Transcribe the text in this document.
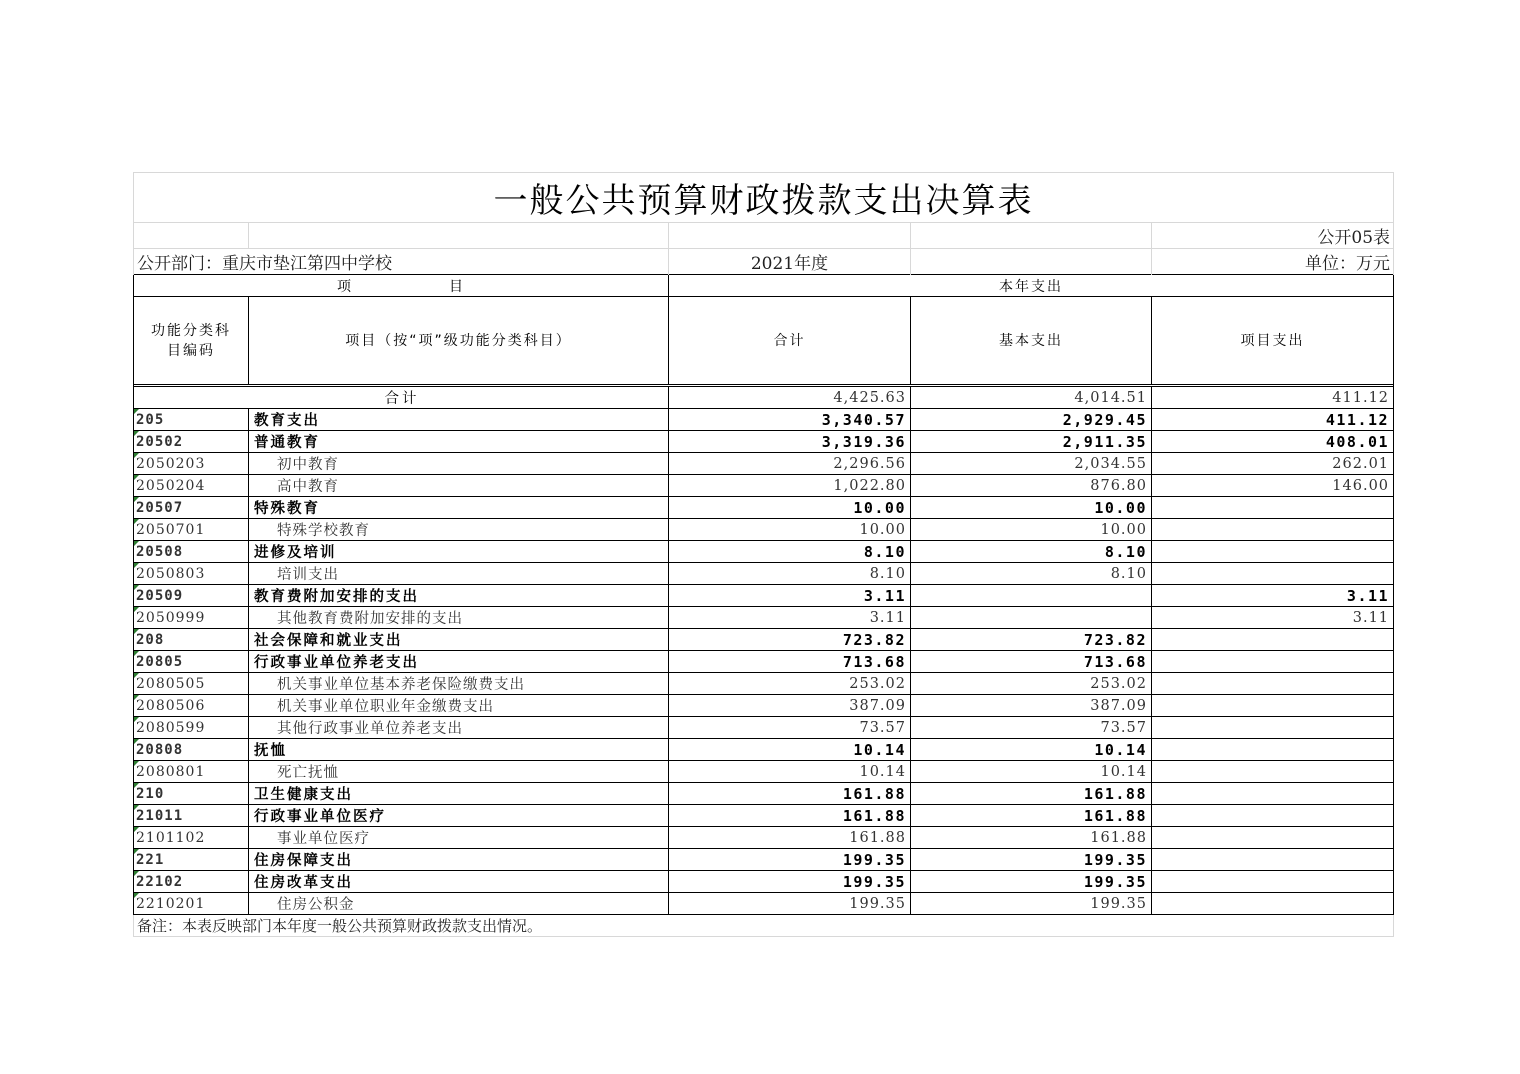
一般公共预算财政拨款支出决算表				
				公开05表
公开部门：重庆市垫江第四中学校		2021年度		单位：万元
项　　　　　　目		本年支出		
功能分类科目编码	项目（按“项”级功能分类科目）	合计	基本支出	项目支出

合计		4,425.63	4,014.51	411.12
205	教育支出	3,340.57	2,929.45	411.12
20502	普通教育	3,319.36	2,911.35	408.01
2050203	初中教育	2,296.56	2,034.55	262.01
2050204	高中教育	1,022.80	876.80	146.00
20507	特殊教育	10.00	10.00	
2050701	特殊学校教育	10.00	10.00	
20508	进修及培训	8.10	8.10	
2050803	培训支出	8.10	8.10	
20509	教育费附加安排的支出	3.11		3.11
2050999	其他教育费附加安排的支出	3.11		3.11
208	社会保障和就业支出	723.82	723.82	
20805	行政事业单位养老支出	713.68	713.68	
2080505	机关事业单位基本养老保险缴费支出	253.02	253.02	
2080506	机关事业单位职业年金缴费支出	387.09	387.09	
2080599	其他行政事业单位养老支出	73.57	73.57	
20808	抚恤	10.14	10.14	
2080801	死亡抚恤	10.14	10.14	
210	卫生健康支出	161.88	161.88	
21011	行政事业单位医疗	161.88	161.88	
2101102	事业单位医疗	161.88	161.88	
221	住房保障支出	199.35	199.35	
22102	住房改革支出	199.35	199.35	
2210201	住房公积金	199.35	199.35	
备注：本表反映部门本年度一般公共预算财政拨款支出情况。				
